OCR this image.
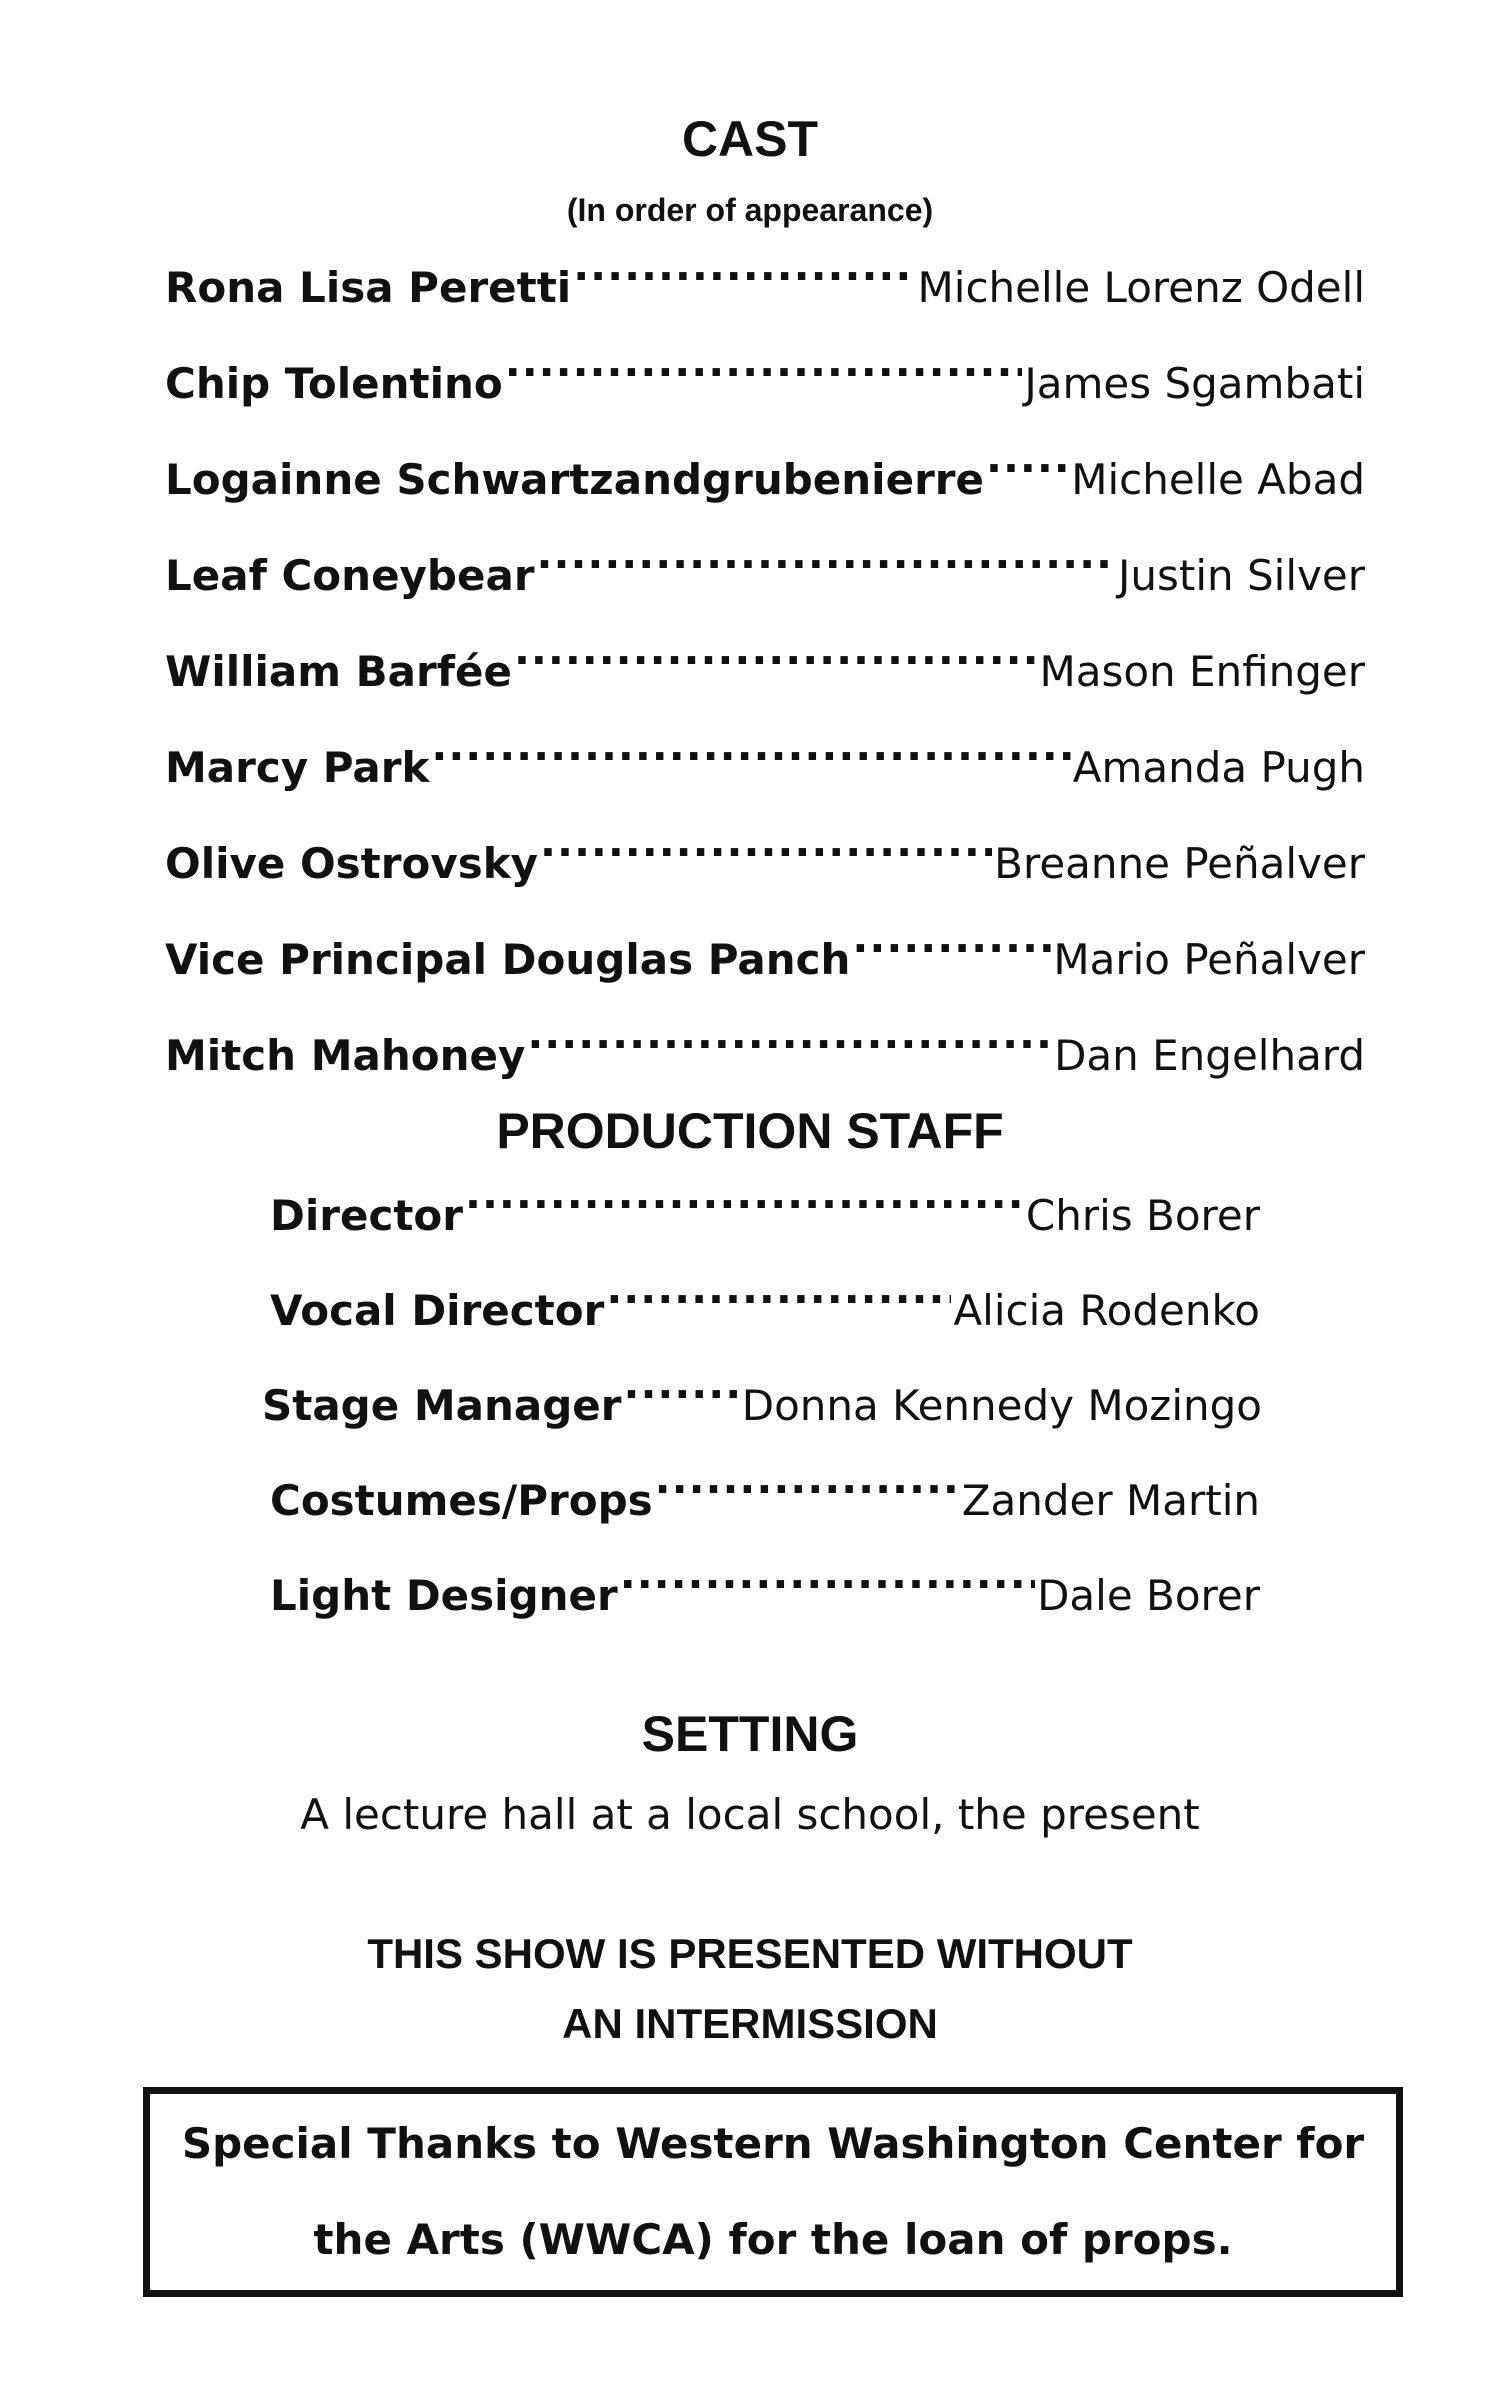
CAST
(In order of appearance)
Rona Lisa Peretti .....	Michelle Lorenz Odell
Chip Tolentino .....	James Sgambati
Logainne Schwartzandgrubenierre ..... Michelle Abad
Leaf Coneybear .....	Justin Silver
William Barfée .....	Mason Enfinger
Marcy Park .....	Amanda Pugh
Olive Ostrovsky .....	Breanne Peñalver
Vice Principal Douglas Panch .....	Mario Peñalver
Mitch Mahoney .....	Dan Engelhard
PRODUCTION STAFF
Director .....	Chris Borer
Vocal Director .....	Alicia Rodenko
Stage Manager .....	Donna Kennedy Mozingo
Costumes/Props .....	Zander Martin
Light Designer .....	Dale Borer
SETTING
A lecture hall at a local school, the present
THIS SHOW IS PRESENTED WITHOUT
AN INTERMISSION
Special Thanks to Western Washington Center for
the Arts (WWCA) for the loan of props.
